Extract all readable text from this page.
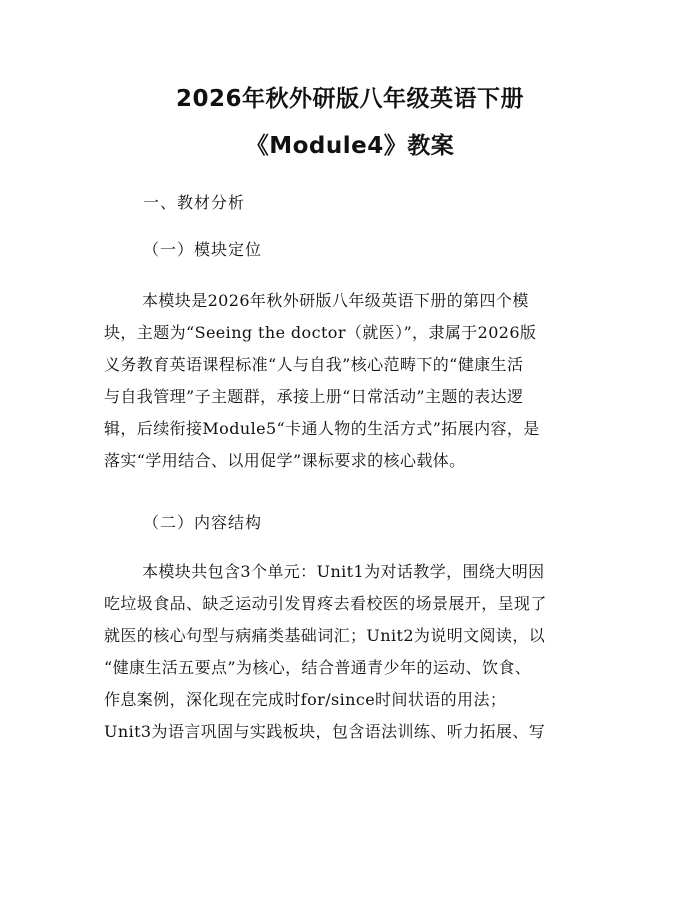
2026年秋外研版八年级英语下册
《Module4》教案
一、教材分析
（一）模块定位
本模块是2026年秋外研版八年级英语下册的第四个模
块，主题为“Seeing the doctor（就医）”，隶属于2026版
义务教育英语课程标准“人与自我”核心范畴下的“健康生活
与自我管理”子主题群，承接上册“日常活动”主题的表达逻
辑，后续衔接Module5“卡通人物的生活方式”拓展内容，是
落实“学用结合、以用促学”课标要求的核心载体。
（二）内容结构
本模块共包含3个单元：Unit1为对话教学，围绕大明因
吃垃圾食品、缺乏运动引发胃疼去看校医的场景展开，呈现了
就医的核心句型与病痛类基础词汇；Unit2为说明文阅读，以
“健康生活五要点”为核心，结合普通青少年的运动、饮食、
作息案例，深化现在完成时for/since时间状语的用法；
Unit3为语言巩固与实践板块，包含语法训练、听力拓展、写
